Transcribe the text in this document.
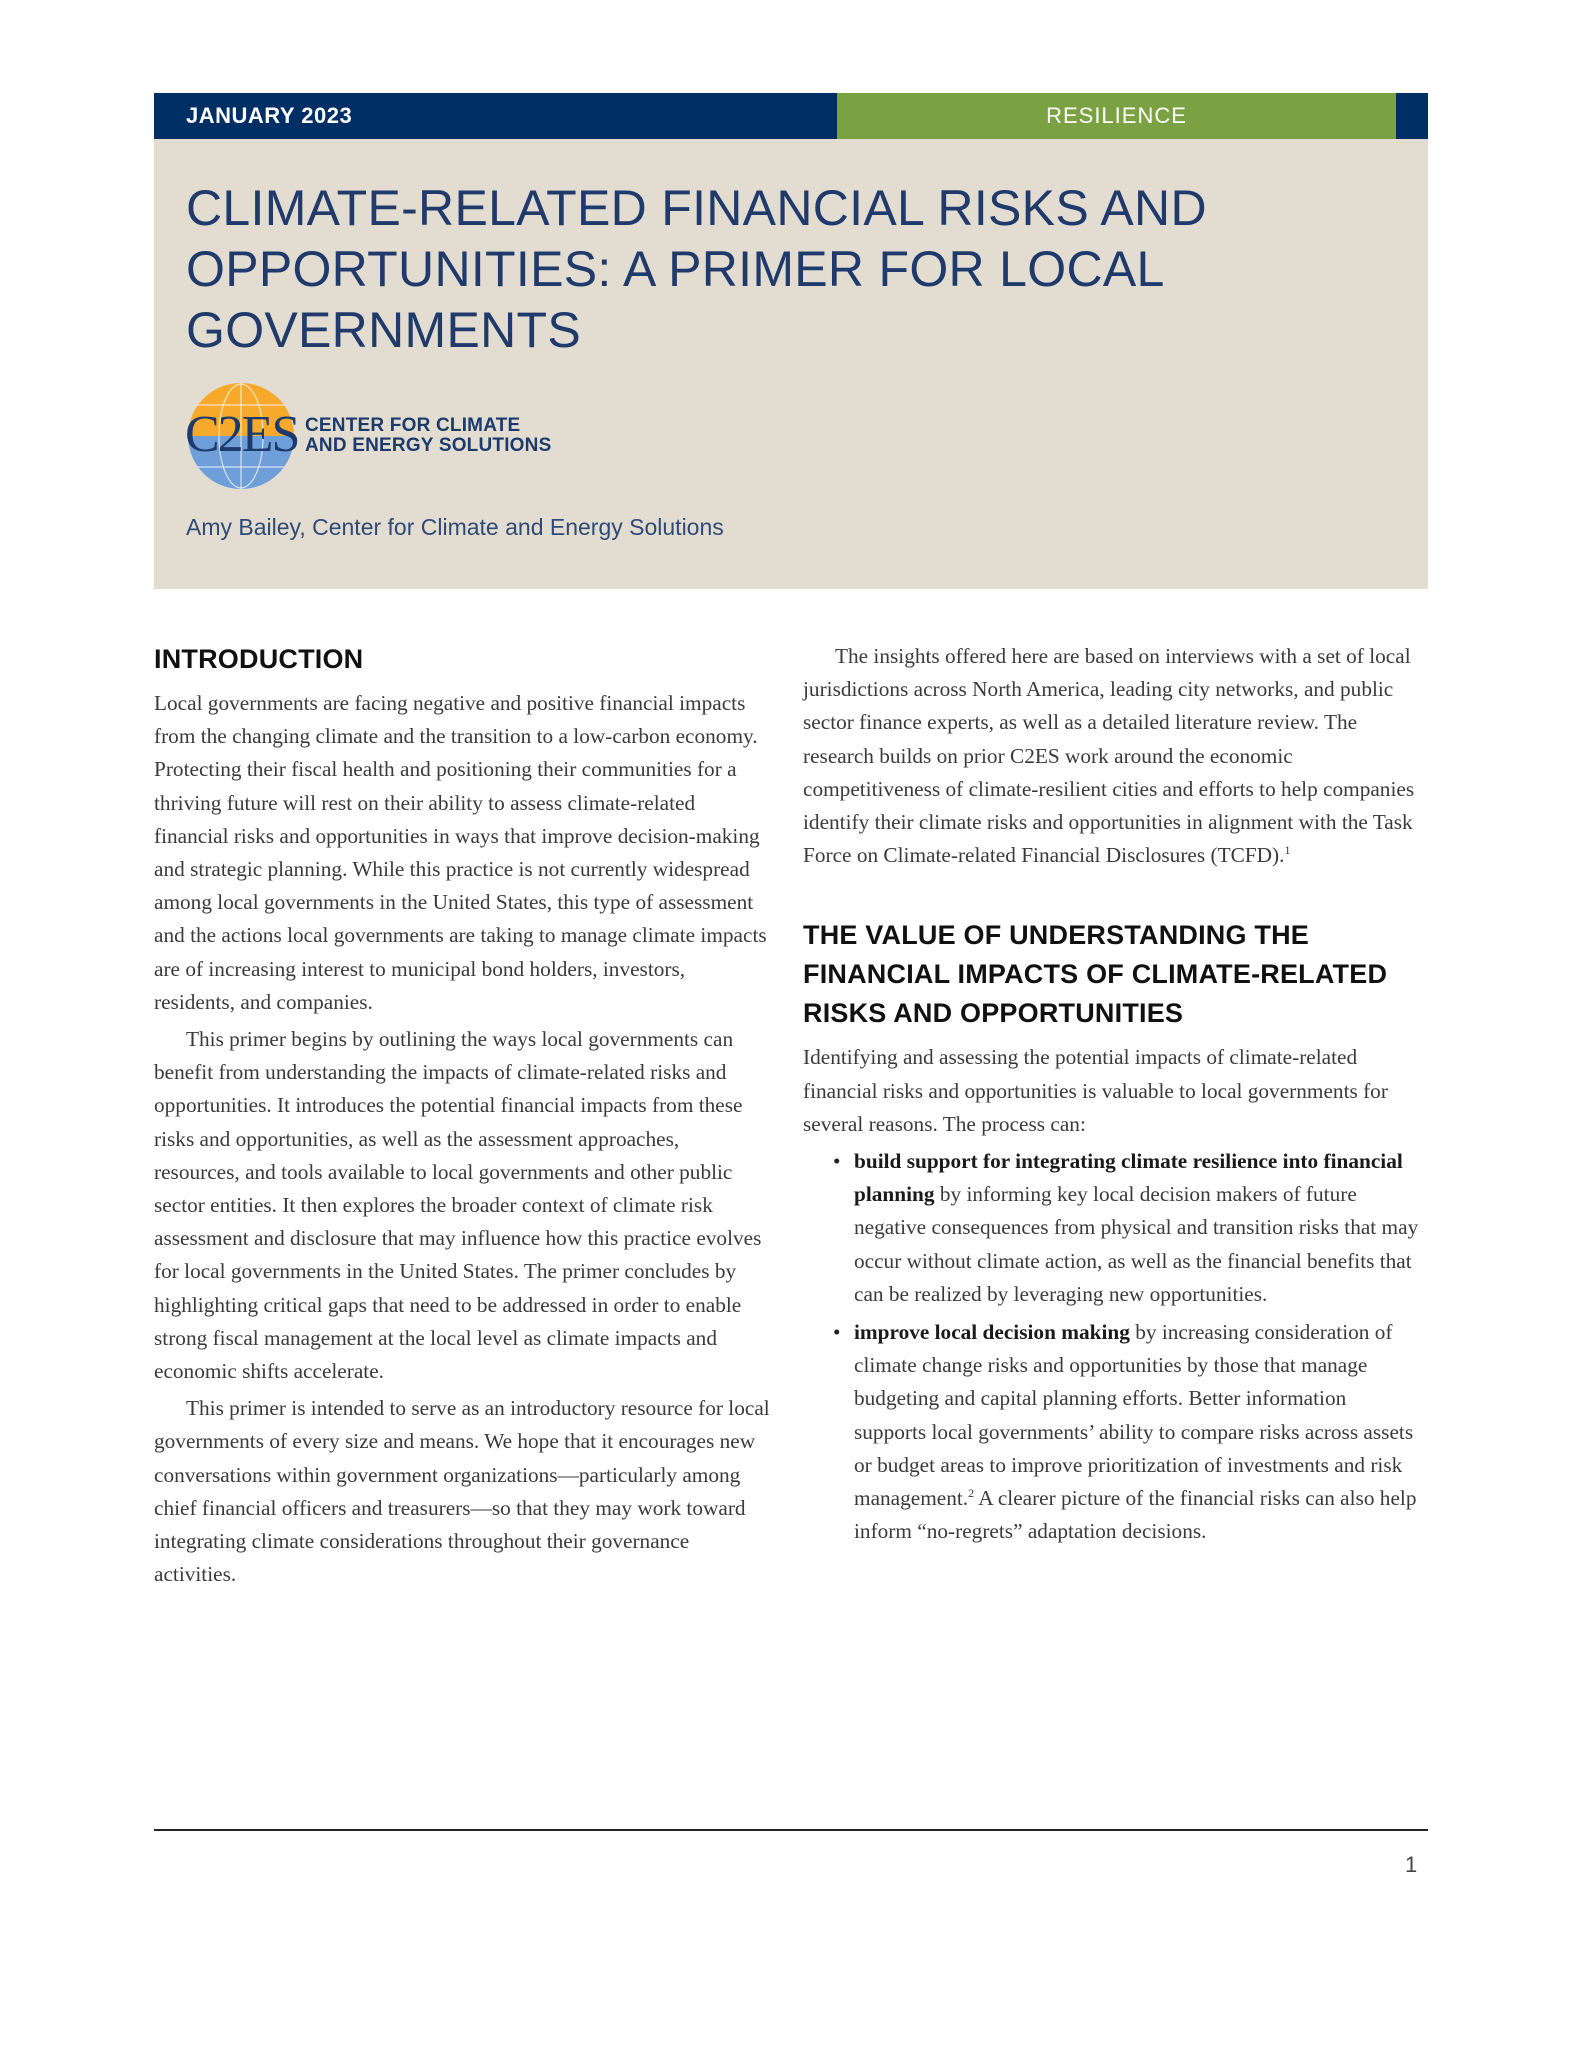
JANUARY 2023	RESILIENCE
CLIMATE-RELATED FINANCIAL RISKS AND OPPORTUNITIES: A PRIMER FOR LOCAL GOVERNMENTS
C2ES CENTER FOR CLIMATE
AND ENERGY SOLUTIONS
Amy Bailey, Center for Climate and Energy Solutions
INTRODUCTION

Local governments are facing negative and positive financial impacts from the changing climate and the transition to a low-carbon economy. Protecting their fiscal health and positioning their communities for a thriving future will rest on their ability to assess climate-related financial risks and opportunities in ways that improve decision-making and strategic planning. While this practice is not currently widespread among local governments in the United States, this type of assessment and the actions local governments are taking to manage climate impacts are of increasing interest to municipal bond holders, investors, residents, and companies.

This primer begins by outlining the ways local governments can benefit from understanding the impacts of climate-related risks and opportunities. It introduces the potential financial impacts from these risks and opportunities, as well as the assessment approaches, resources, and tools available to local governments and other public sector entities. It then explores the broader context of climate risk assessment and disclosure that may influence how this practice evolves for local governments in the United States. The primer concludes by highlighting critical gaps that need to be addressed in order to enable strong fiscal management at the local level as climate impacts and economic shifts accelerate.

This primer is intended to serve as an introductory resource for local governments of every size and means. We hope that it encourages new conversations within government organizations—particularly among chief financial officers and treasurers—so that they may work toward integrating climate considerations throughout their governance activities.

The insights offered here are based on interviews with a set of local jurisdictions across North America, leading city networks, and public sector finance experts, as well as a detailed literature review. The research builds on prior C2ES work around the economic competitiveness of climate-resilient cities and efforts to help companies identify their climate risks and opportunities in alignment with the Task Force on Climate-related Financial Disclosures (TCFD).$^1$

THE VALUE OF UNDERSTANDING THE FINANCIAL IMPACTS OF CLIMATE-RELATED RISKS AND OPPORTUNITIES

Identifying and assessing the potential impacts of climate-related financial risks and opportunities is valuable to local governments for several reasons. The process can:

• build support for integrating climate resilience into financial planning by informing key local decision makers of future negative consequences from physical and transition risks that may occur without climate action, as well as the financial benefits that can be realized by leveraging new opportunities.
• improve local decision making by increasing consideration of climate change risks and opportunities by those that manage budgeting and capital planning efforts. Better information supports local governments’ ability to compare risks across assets or budget areas to improve prioritization of investments and risk management.$^2$ A clearer picture of the financial risks can also help inform “no-regrets” adaptation decisions.
1
